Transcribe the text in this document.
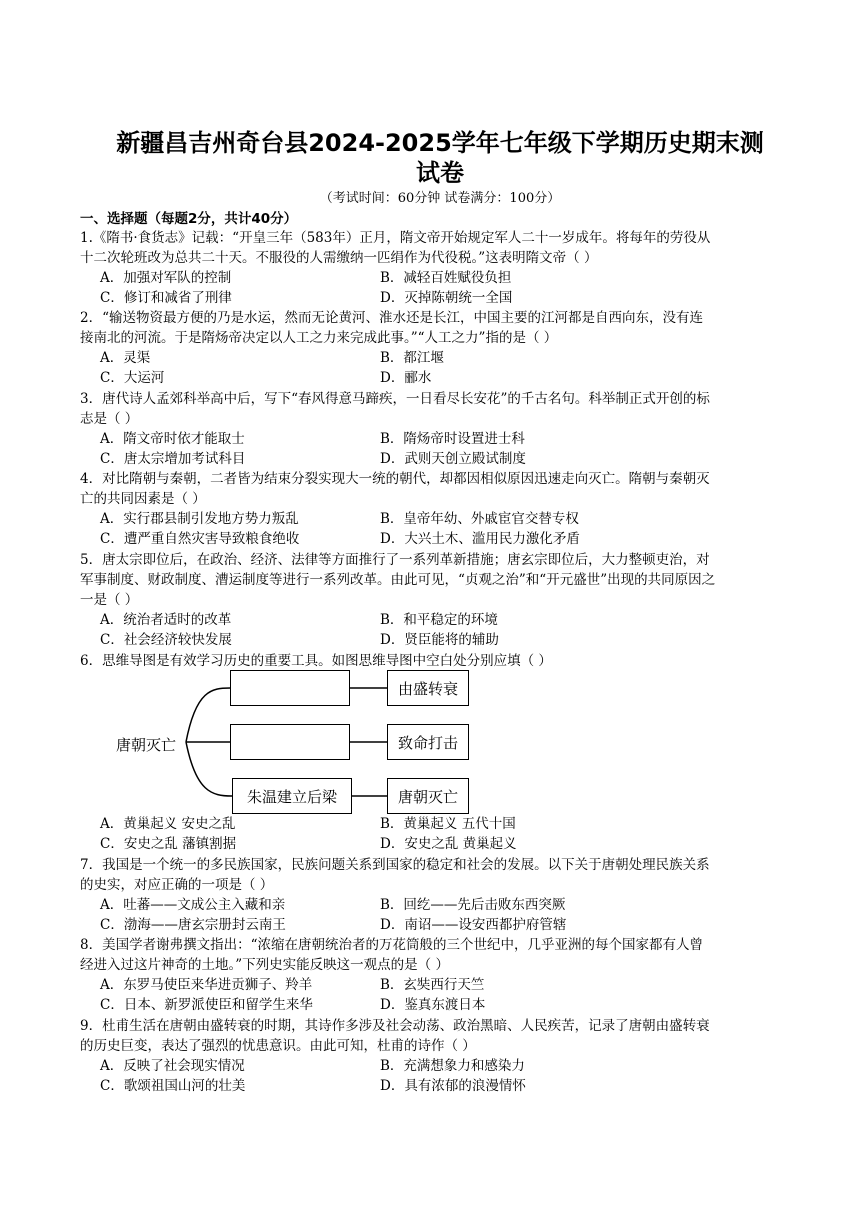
新疆昌吉州奇台县2024-2025学年七年级下学期历史期末测
试卷
（考试时间：60分钟 试卷满分：100分）
一、选择题（每题2分，共计40分）
1.《隋书·食货志》记载：“开皇三年（583年）正月，隋文帝开始规定军人二十一岁成年。将每年的劳役从
十二次轮班改为总共二十天。不服役的人需缴纳一匹绢作为代役税。”这表明隋文帝（ ）
A．加强对军队的控制	B．减轻百姓赋役负担
C．修订和减省了刑律	D．灭掉陈朝统一全国
2．“输送物资最方便的乃是水运，然而无论黄河、淮水还是长江，中国主要的江河都是自西向东，没有连
接南北的河流。于是隋炀帝决定以人工之力来完成此事。”“人工之力”指的是（ ）
A．灵渠	B．都江堰
C．大运河	D．郦水
3．唐代诗人孟郊科举高中后，写下“春风得意马蹄疾，一日看尽长安花”的千古名句。科举制正式开创的标
志是（ ）
A．隋文帝时依才能取士	B．隋炀帝时设置进士科
C．唐太宗增加考试科目	D．武则天创立殿试制度
4．对比隋朝与秦朝，二者皆为结束分裂实现大一统的朝代，却都因相似原因迅速走向灭亡。隋朝与秦朝灭
亡的共同因素是（ ）
A．实行郡县制引发地方势力叛乱	B．皇帝年幼、外戚宦官交替专权
C．遭严重自然灾害导致粮食绝收	D．大兴土木、滥用民力激化矛盾
5．唐太宗即位后，在政治、经济、法律等方面推行了一系列革新措施；唐玄宗即位后，大力整顿吏治，对
军事制度、财政制度、漕运制度等进行一系列改革。由此可见，“贞观之治”和“开元盛世”出现的共同原因之
一是（ ）
A．统治者适时的改革	B．和平稳定的环境
C．社会经济较快发展	D．贤臣能将的辅助
6．思维导图是有效学习历史的重要工具。如图思维导图中空白处分别应填（ ）
唐朝灭亡
朱温建立后梁
由盛转衰
致命打击
唐朝灭亡
A．黄巢起义 安史之乱	B．黄巢起义 五代十国
C．安史之乱 藩镇割据	D．安史之乱 黄巢起义
7．我国是一个统一的多民族国家，民族问题关系到国家的稳定和社会的发展。以下关于唐朝处理民族关系
的史实，对应正确的一项是（ ）
A．吐蕃——文成公主入藏和亲	B．回纥——先后击败东西突厥
C．渤海——唐玄宗册封云南王	D．南诏——设安西都护府管辖
8．美国学者谢弗撰文指出：“浓缩在唐朝统治者的万花筒般的三个世纪中，几乎亚洲的每个国家都有人曾
经进入过这片神奇的土地。”下列史实能反映这一观点的是（ ）
A．东罗马使臣来华进贡狮子、羚羊	B．玄奘西行天竺
C．日本、新罗派使臣和留学生来华	D．鉴真东渡日本
9．杜甫生活在唐朝由盛转衰的时期，其诗作多涉及社会动荡、政治黑暗、人民疾苦，记录了唐朝由盛转衰
的历史巨变，表达了强烈的忧患意识。由此可知，杜甫的诗作（ ）
A．反映了社会现实情况	B．充满想象力和感染力
C．歌颂祖国山河的壮美	D．具有浓郁的浪漫情怀
